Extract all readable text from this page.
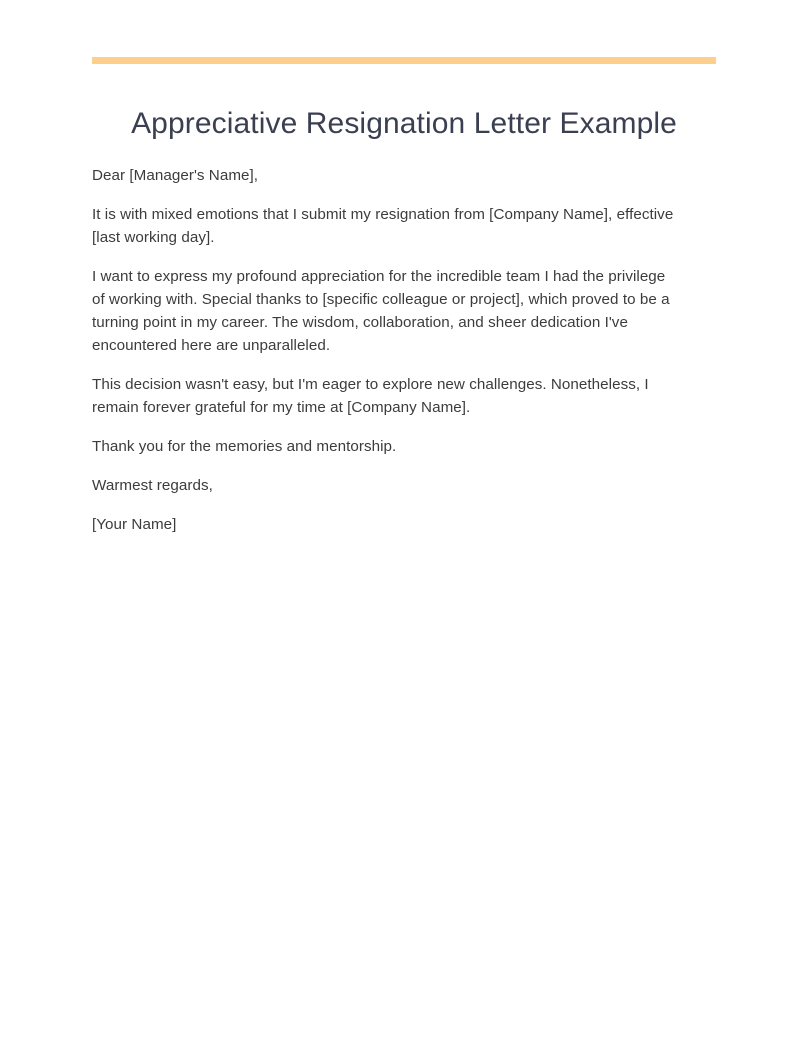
Appreciative Resignation Letter Example

Dear [Manager's Name],

It is with mixed emotions that I submit my resignation from [Company Name], effective [last working day].

I want to express my profound appreciation for the incredible team I had the privilege of working with. Special thanks to [specific colleague or project], which proved to be a turning point in my career. The wisdom, collaboration, and sheer dedication I've encountered here are unparalleled.

This decision wasn't easy, but I'm eager to explore new challenges. Nonetheless, I remain forever grateful for my time at [Company Name].

Thank you for the memories and mentorship.

Warmest regards,

[Your Name]
